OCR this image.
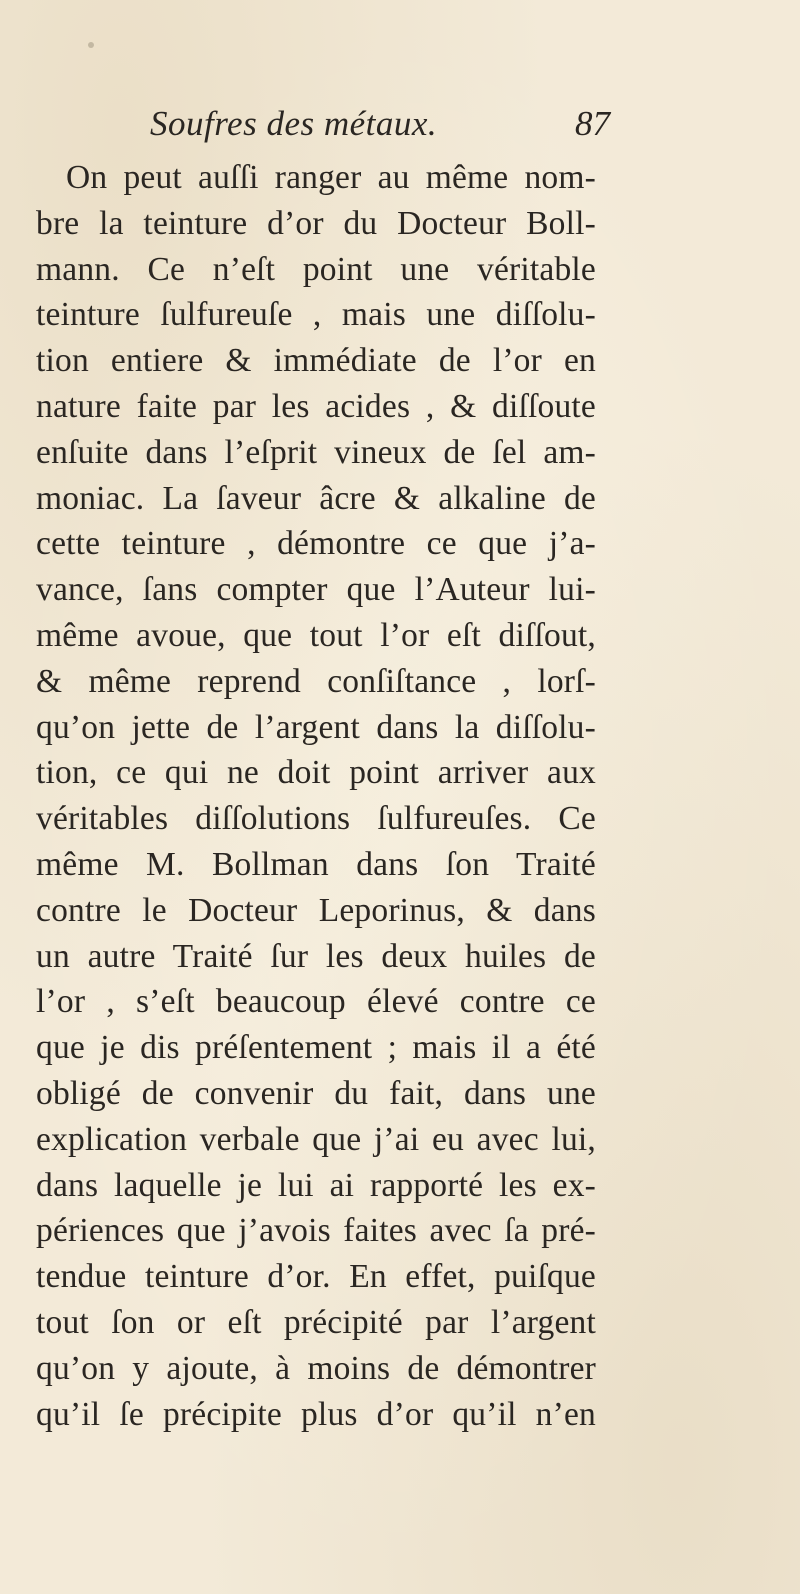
Soufres des métaux.	87
On peut auſſi ranger au même nom-
bre la teinture d’or du Docteur Boll-
mann. Ce n’eſt point une véritable
teinture ſulfureuſe , mais une diſſolu-
tion entiere & immédiate de l’or en
nature faite par les acides , & diſſoute
enſuite dans l’eſprit vineux de ſel am-
moniac. La ſaveur âcre & alkaline de
cette teinture , démontre ce que j’a-
vance, ſans compter que l’Auteur lui-
même avoue, que tout l’or eſt diſſout,
& même reprend conſiſtance , lorſ-
qu’on jette de l’argent dans la diſſolu-
tion, ce qui ne doit point arriver aux
véritables diſſolutions ſulfureuſes. Ce
même M. Bollman dans ſon Traité
contre le Docteur Leporinus, & dans
un autre Traité ſur les deux huiles de
l’or , s’eſt beaucoup élevé contre ce
que je dis préſentement ; mais il a été
obligé de convenir du fait, dans une
explication verbale que j’ai eu avec lui,
dans laquelle je lui ai rapporté les ex-
périences que j’avois faites avec ſa pré-
tendue teinture d’or. En effet, puiſque
tout ſon or eſt précipité par l’argent
qu’on y ajoute, à moins de démontrer
qu’il ſe précipite plus d’or qu’il n’en
